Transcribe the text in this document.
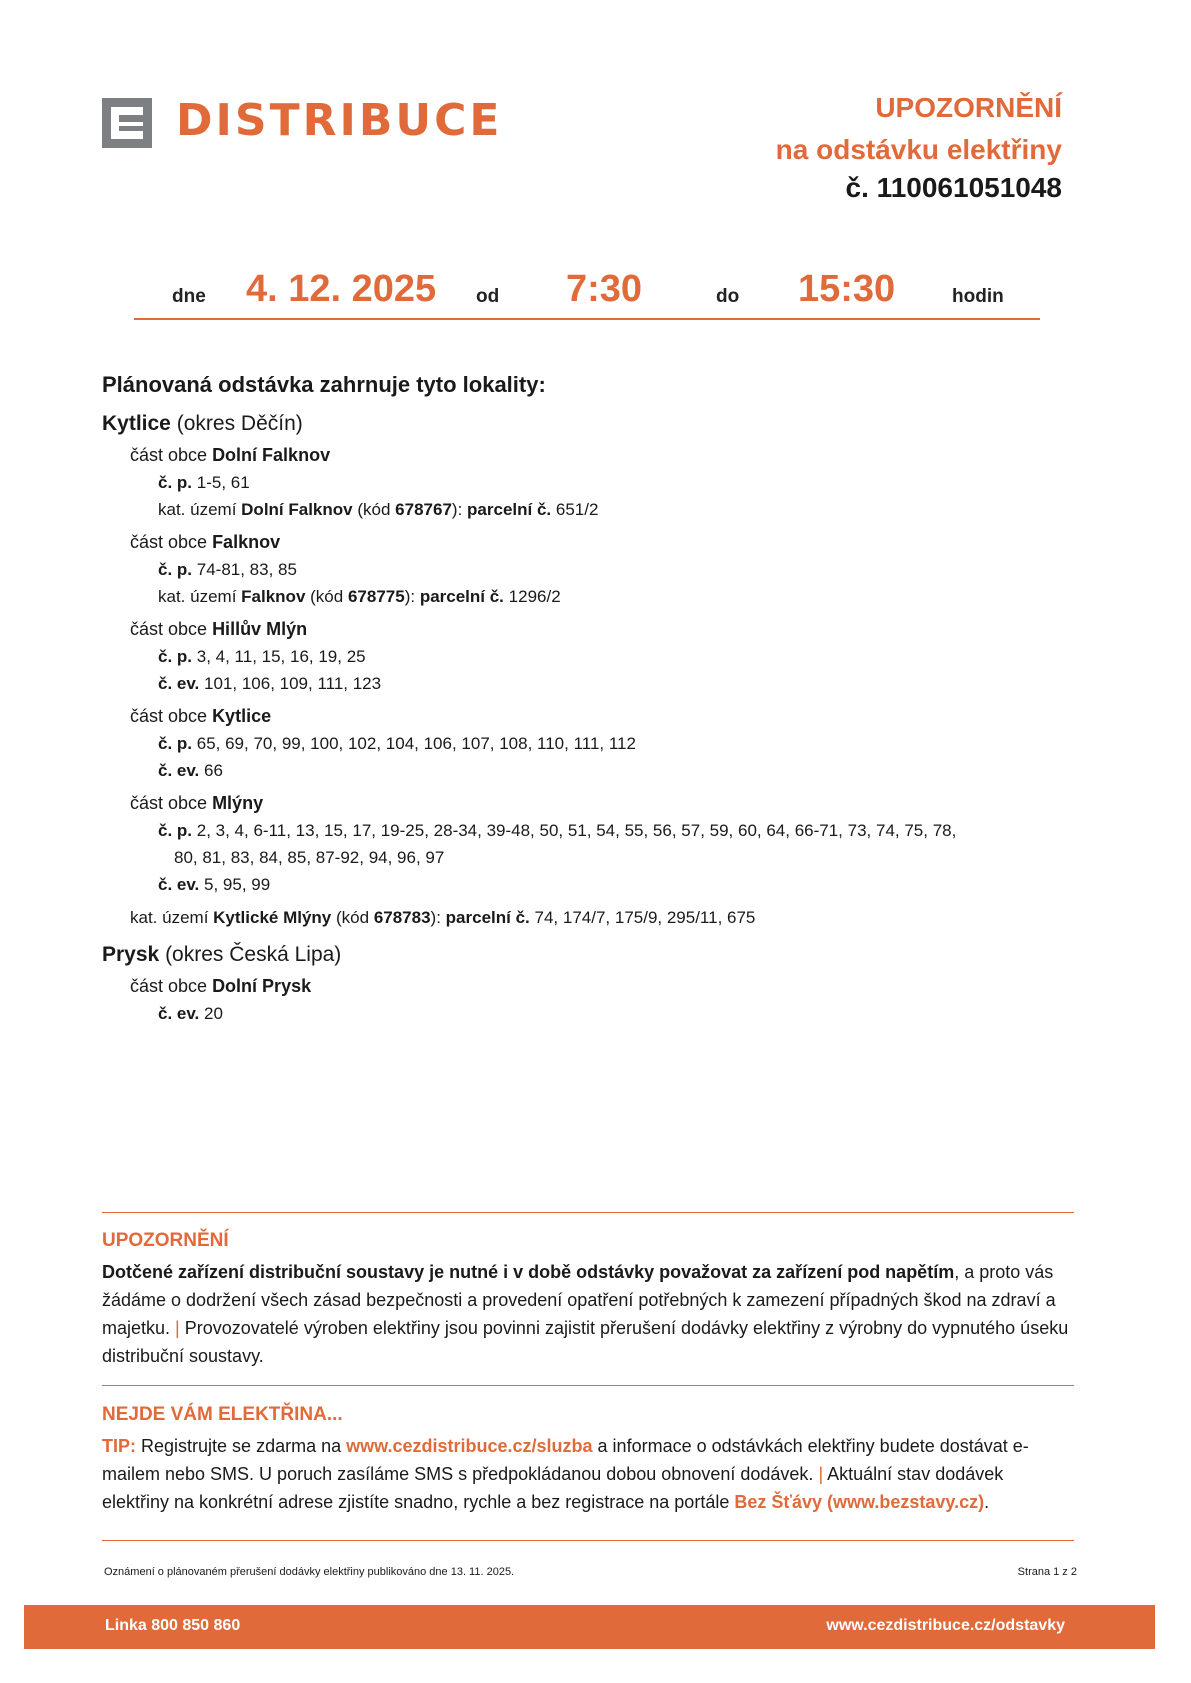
DISTRIBUCE	UPOZORNĚNÍ
na odstávku elektřiny
č. 110061051048
dne 4. 12. 2025 od 7:30	do 15:30	hodin
Plánovaná odstávka zahrnuje tyto lokality:
Kytlice (okres Děčín)
část obce Dolní Falknov
č. p. 1-5, 61
kat. území Dolní Falknov (kód 678767): parcelní č. 651/2
část obce Falknov
č. p. 74-81, 83, 85
kat. území Falknov (kód 678775): parcelní č. 1296/2
část obce Hillův Mlýn
č. p. 3, 4, 11, 15, 16, 19, 25
č. ev. 101, 106, 109, 111, 123
část obce Kytlice
č. p. 65, 69, 70, 99, 100, 102, 104, 106, 107, 108, 110, 111, 112
č. ev. 66
část obce Mlýny
č. p. 2, 3, 4, 6-11, 13, 15, 17, 19-25, 28-34, 39-48, 50, 51, 54, 55, 56, 57, 59, 60, 64, 66-71, 73, 74, 75, 78,
80, 81, 83, 84, 85, 87-92, 94, 96, 97
č. ev. 5, 95, 99
kat. území Kytlické Mlýny (kód 678783): parcelní č. 74, 174/7, 175/9, 295/11, 675
Prysk (okres Česká Lipa)
část obce Dolní Prysk
č. ev. 20
UPOZORNĚNÍ
Dotčené zařízení distribuční soustavy je nutné i v době odstávky považovat za zařízení pod napětím, a proto vás žádáme o dodržení všech zásad bezpečnosti a provedení opatření potřebných k zamezení případných škod na zdraví a majetku. | Provozovatelé výroben elektřiny jsou povinni zajistit přerušení dodávky elektřiny z výrobny do vypnutého úseku distribuční soustavy.
NEJDE VÁM ELEKTŘINA...
TIP: Registrujte se zdarma na www.cezdistribuce.cz/sluzba a informace o odstávkách elektřiny budete dostávat e-mailem nebo SMS. U poruch zasíláme SMS s předpokládanou dobou obnovení dodávek. | Aktuální stav dodávek elektřiny na konkrétní adrese zjistíte snadno, rychle a bez registrace na portále Bez Šťávy (www.bezstavy.cz).
Oznámení o plánovaném přerušení dodávky elektřiny publikováno dne 13. 11. 2025.	Strana 1 z 2
Linka 800 850 860	www.cezdistribuce.cz/odstavky
